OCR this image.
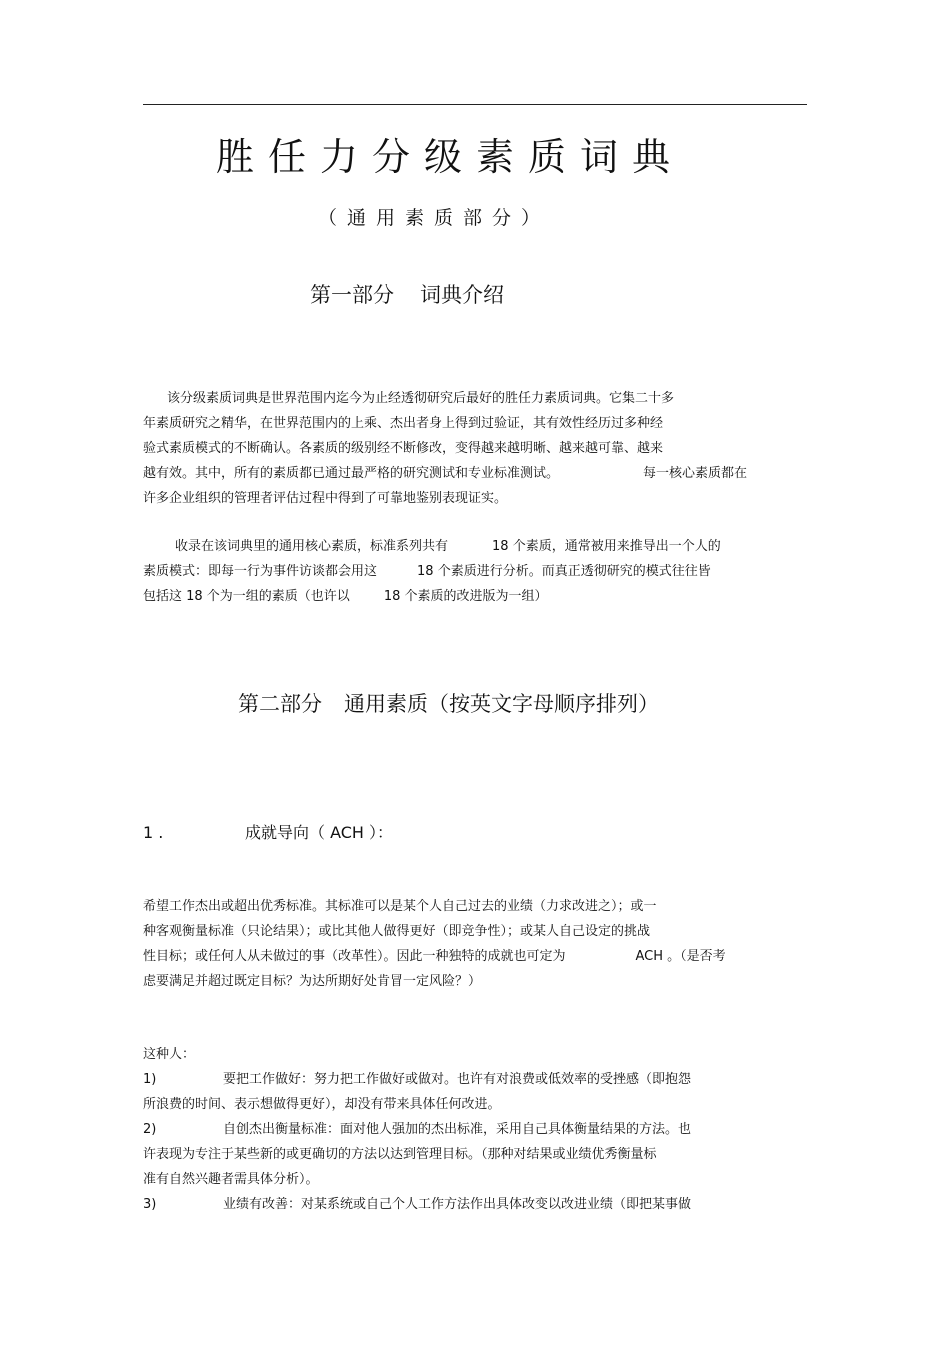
胜任力分级素质词典
（通用素质部分）
第一部分 词典介绍
该分级素质词典是世界范围内迄今为止经透彻研究后最好的胜任力素质词典。它集二十多
年素质研究之精华，在世界范围内的上乘、杰出者身上得到过验证，其有效性经历过多种经
验式素质模式的不断确认。各素质的级别经不断修改，变得越来越明晰、越来越可靠、越来
越有效。其中，所有的素质都已通过最严格的研究测试和专业标准测试。	每一核心素质都在
许多企业组织的管理者评估过程中得到了可靠地鉴别表现证实。
收录在该词典里的通用核心素质，标准系列共有	18 个素质，通常被用来推导出一个人的
素质模式：即每一行为事件访谈都会用这	18 个素质进行分析。而真正透彻研究的模式往往皆
包括这 18 个为一组的素质（也许以	18 个素质的改进版为一组）
第二部分 通用素质（按英文字母顺序排列）
1 .	成就导向（ ACH ）：
希望工作杰出或超出优秀标准。其标准可以是某个人自己过去的业绩（力求改进之）；或一
种客观衡量标准（只论结果）；或比其他人做得更好（即竞争性）；或某人自己设定的挑战
性目标；或任何人从未做过的事（改革性）。因此一种独特的成就也可定为	ACH 。（是否考
虑要满足并超过既定目标？为达所期好处肯冒一定风险？）
这种人：
1)	要把工作做好：努力把工作做好或做对。也许有对浪费或低效率的受挫感（即抱怨
所浪费的时间、表示想做得更好），却没有带来具体任何改进。
2)	自创杰出衡量标准：面对他人强加的杰出标准，采用自己具体衡量结果的方法。也
许表现为专注于某些新的或更确切的方法以达到管理目标。（那种对结果或业绩优秀衡量标
准有自然兴趣者需具体分析）。
3)	业绩有改善：对某系统或自己个人工作方法作出具体改变以改进业绩（即把某事做
